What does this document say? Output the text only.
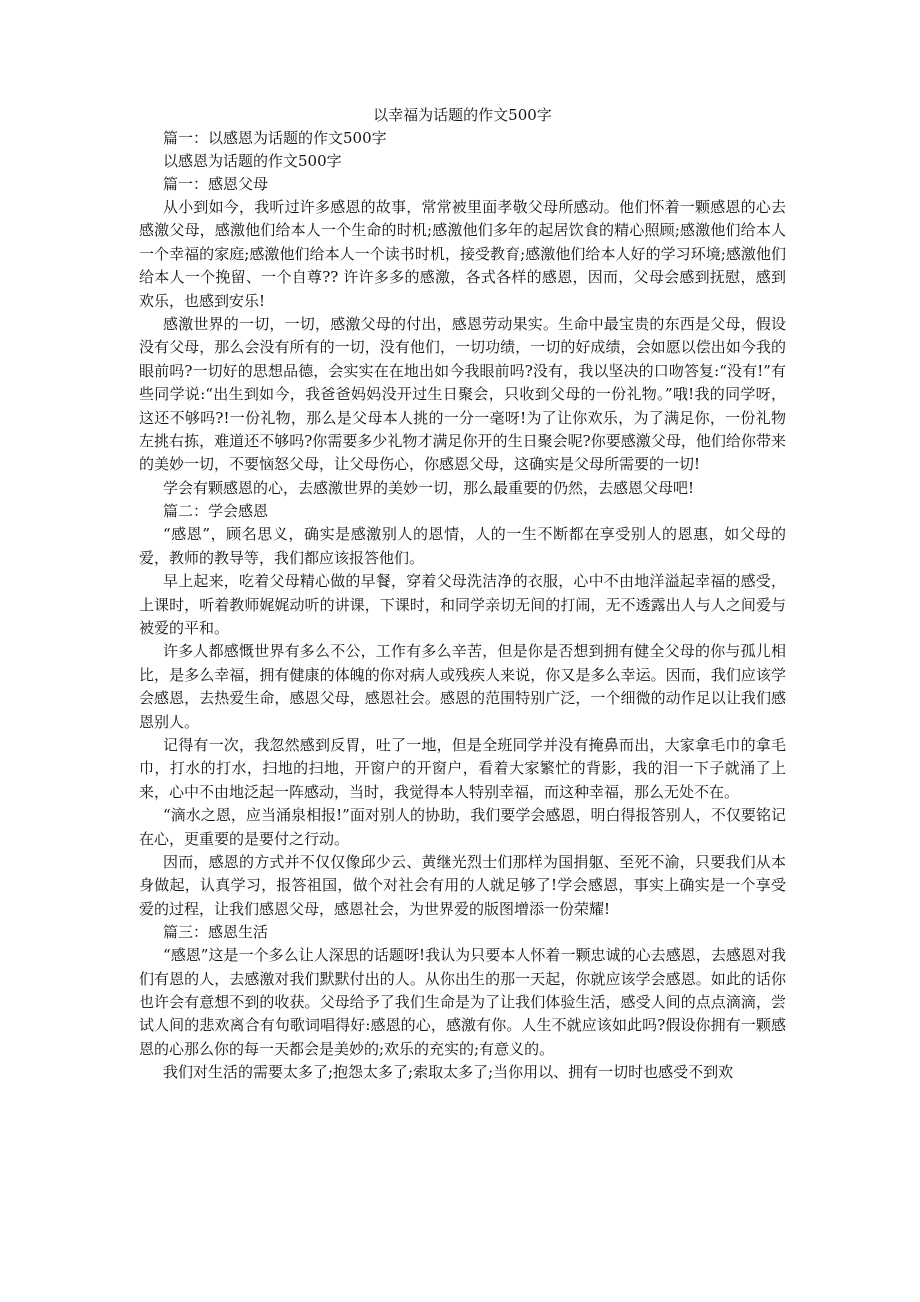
以幸福为话题的作文500字
篇一：以感恩为话题的作文500字
以感恩为话题的作文500字
篇一：感恩父母

从小到如今，我听过许多感恩的故事，常常被里面孝敬父母所感动。他们怀着一颗感恩的心去感激父母，感激他们给本人一个生命的时机;感激他们多年的起居饮食的精心照顾;感激他们给本人一个幸福的家庭;感激他们给本人一个读书时机，接受教育;感激他们给本人好的学习环境;感激他们给本人一个挽留、一个自尊?? 许许多多的感激，各式各样的感恩，因而，父母会感到抚慰，感到欢乐，也感到安乐!

感激世界的一切，一切，感激父母的付出，感恩劳动果实。生命中最宝贵的东西是父母，假设没有父母，那么会没有所有的一切，没有他们，一切功绩，一切的好成绩，会如愿以偿出如今我的眼前吗?一切好的思想品德，会实实在在地出如今我眼前吗?没有，我以坚决的口吻答复:“没有!”有些同学说:“出生到如今，我爸爸妈妈没开过生日聚会，只收到父母的一份礼物。”哦!我的同学呀，这还不够吗?!一份礼物，那么是父母本人挑的一分一毫呀!为了让你欢乐，为了满足你，一份礼物左挑右拣，难道还不够吗?你需要多少礼物才满足你开的生日聚会呢?你要感激父母，他们给你带来的美妙一切，不要恼怒父母，让父母伤心，你感恩父母，这确实是父母所需要的一切!

学会有颗感恩的心，去感激世界的美妙一切，那么最重要的仍然，去感恩父母吧!

篇二：学会感恩

“感恩”，顾名思义，确实是感激别人的恩情，人的一生不断都在享受别人的恩惠，如父母的爱，教师的教导等，我们都应该报答他们。

早上起来，吃着父母精心做的早餐，穿着父母洗洁净的衣服，心中不由地洋溢起幸福的感受，上课时，听着教师娓娓动听的讲课，下课时，和同学亲切无间的打闹，无不透露出人与人之间爱与被爱的平和。

许多人都感慨世界有多么不公，工作有多么辛苦，但是你是否想到拥有健全父母的你与孤儿相比，是多么幸福，拥有健康的体魄的你对病人或残疾人来说，你又是多么幸运。因而，我们应该学会感恩，去热爱生命，感恩父母，感恩社会。感恩的范围特别广泛，一个细微的动作足以让我们感恩别人。

记得有一次，我忽然感到反胃，吐了一地，但是全班同学并没有掩鼻而出，大家拿毛巾的拿毛巾，打水的打水，扫地的扫地，开窗户的开窗户，看着大家繁忙的背影，我的泪一下子就涌了上来，心中不由地泛起一阵感动，当时，我觉得本人特别幸福，而这种幸福，那么无处不在。

“滴水之恩，应当涌泉相报!”面对别人的协助，我们要学会感恩，明白得报答别人，不仅要铭记在心，更重要的是要付之行动。

因而，感恩的方式并不仅仅像邱少云、黄继光烈士们那样为国捐躯、至死不渝，只要我们从本身做起，认真学习，报答祖国，做个对社会有用的人就足够了!学会感恩，事实上确实是一个享受爱的过程，让我们感恩父母，感恩社会，为世界爱的版图增添一份荣耀!

篇三：感恩生活

“感恩”这是一个多么让人深思的话题呀!我认为只要本人怀着一颗忠诚的心去感恩，去感恩对我们有恩的人，去感激对我们默默付出的人。从你出生的那一天起，你就应该学会感恩。如此的话你也许会有意想不到的收获。父母给予了我们生命是为了让我们体验生活，感受人间的点点滴滴，尝试人间的悲欢离合有句歌词唱得好:感恩的心，感激有你。人生不就应该如此吗?假设你拥有一颗感恩的心那么你的每一天都会是美妙的;欢乐的充实的;有意义的。

我们对生活的需要太多了;抱怨太多了;索取太多了;当你用以、拥有一切时也感受不到欢
